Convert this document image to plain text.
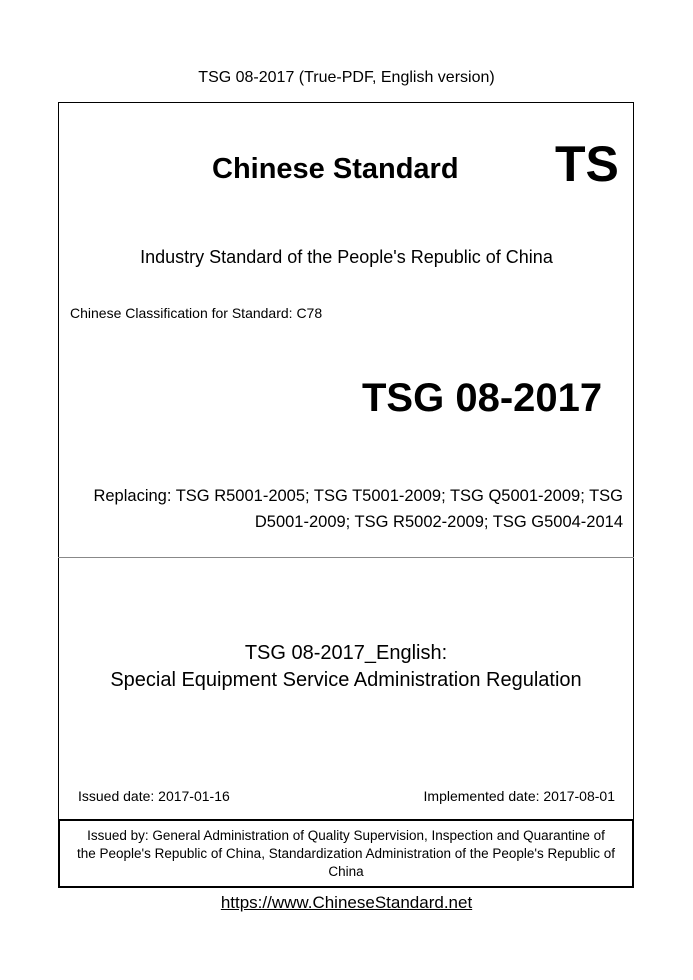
TSG 08-2017 (True-PDF, English version)
Chinese Standard TS
Industry Standard of the People's Republic of China
Chinese Classification for Standard: C78
TSG 08-2017
Replacing: TSG R5001-2005; TSG T5001-2009; TSG Q5001-2009; TSG
D5001-2009; TSG R5002-2009; TSG G5004-2014
TSG 08-2017_English:
Special Equipment Service Administration Regulation
Issued date: 2017-01-16	Implemented date: 2017-08-01
Issued by: General Administration of Quality Supervision, Inspection and Quarantine of
the People's Republic of China, Standardization Administration of the People's Republic of
China
https://www.ChineseStandard.net
